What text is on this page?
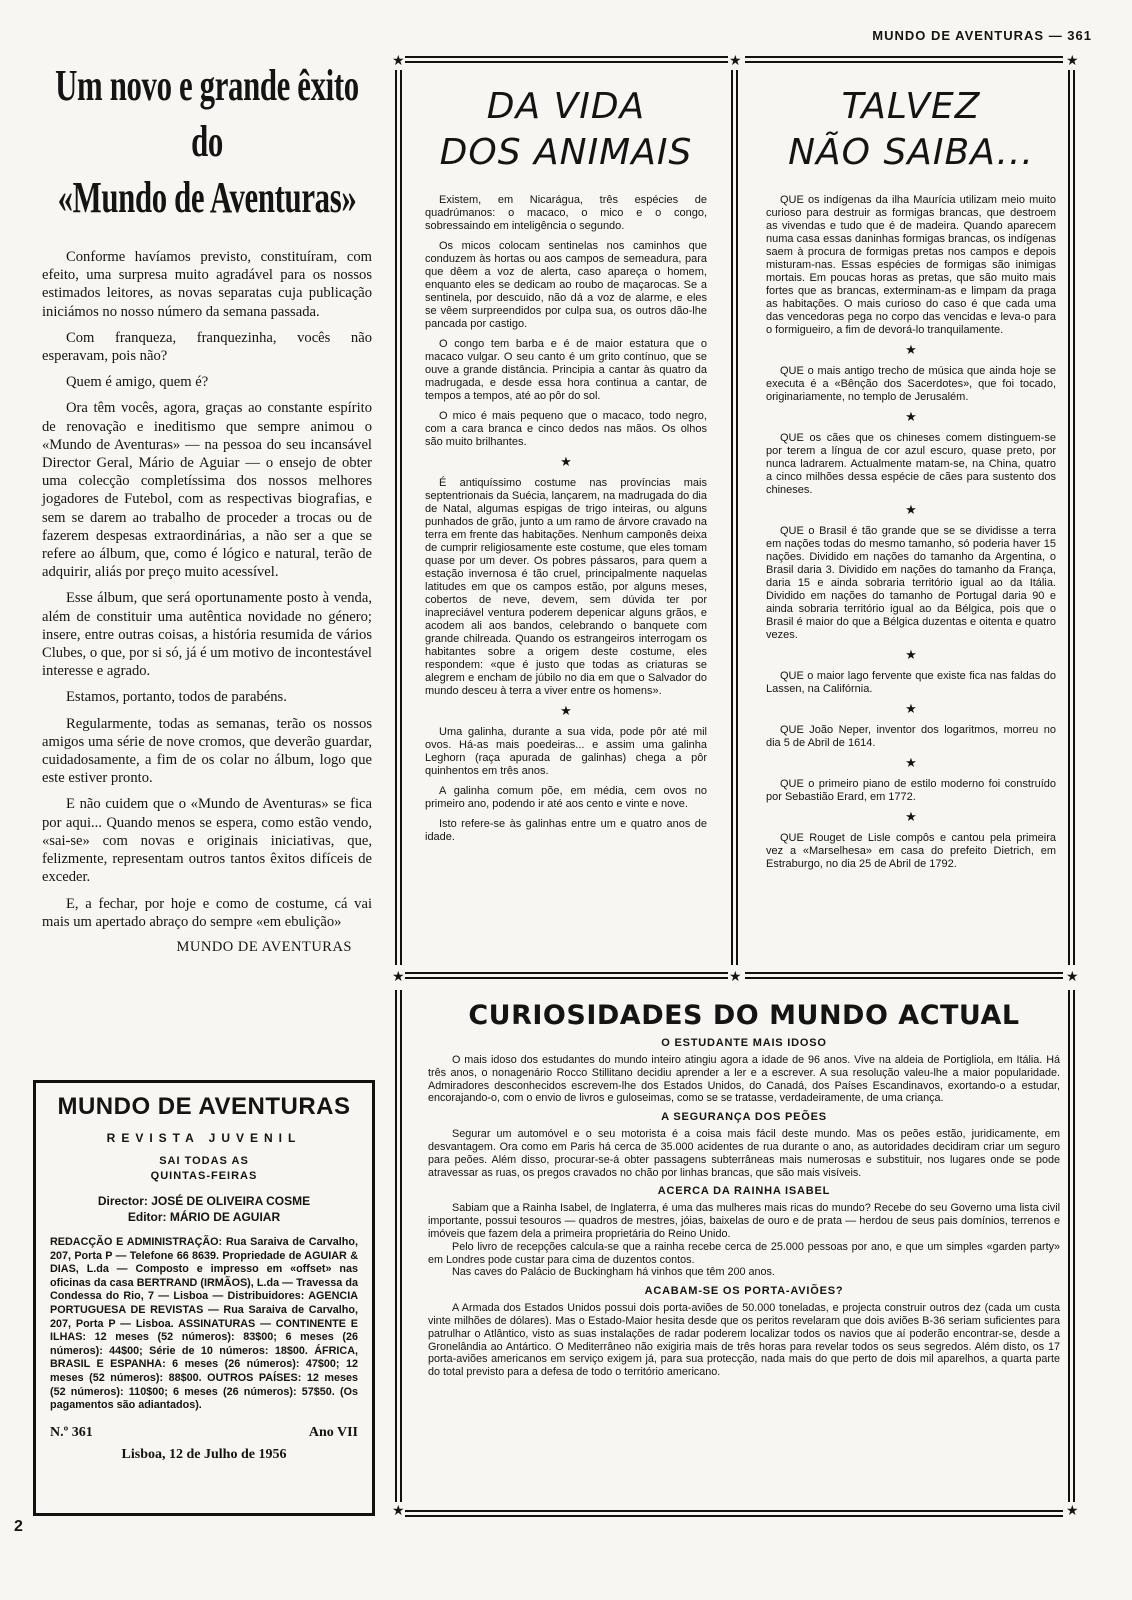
MUNDO DE AVENTURAS — 361
Um novo e grande êxito
do
«Mundo de Aventuras»

Conforme havíamos previsto, constituíram, com efeito, uma surpresa muito agradável para os nossos estimados leitores, as novas separatas cuja publicação iniciámos no nosso número da semana passada.

Com franqueza, franquezinha, vocês não esperavam, pois não?

Quem é amigo, quem é?

Ora têm vocês, agora, graças ao constante espírito de renovação e ineditismo que sempre animou o «Mundo de Aventuras» — na pessoa do seu incansável Director Geral, Mário de Aguiar — o ensejo de obter uma colecção completíssima dos nossos melhores jogadores de Futebol, com as respectivas biografias, e sem se darem ao trabalho de proceder a trocas ou de fazerem despesas extraordinárias, a não ser a que se refere ao álbum, que, como é lógico e natural, terão de adquirir, aliás por preço muito acessível.

Esse álbum, que será oportunamente posto à venda, além de constituir uma autêntica novidade no género; insere, entre outras coisas, a história resumida de vários Clubes, o que, por si só, já é um motivo de incontestável interesse e agrado.

Estamos, portanto, todos de parabéns.

Regularmente, todas as semanas, terão os nossos amigos uma série de nove cromos, que deverão guardar, cuidadosamente, a fim de os colar no álbum, logo que este estiver pronto.

E não cuidem que o «Mundo de Aventuras» se fica por aqui... Quando menos se espera, como estão vendo, «sai-se» com novas e originais iniciativas, que, felizmente, representam outros tantos êxitos difíceis de exceder.

E, a fechar, por hoje e como de costume, cá vai mais um apertado abraço do sempre «em ebulição»

MUNDO DE AVENTURAS
MUNDO DE AVENTURAS
REVISTA JUVENIL
SAI TODAS AS
QUINTAS-FEIRAS
Director: JOSÉ DE OLIVEIRA COSME
Editor: MÁRIO DE AGUIAR
REDACÇÃO E ADMINISTRAÇÃO: Rua Saraiva de Carvalho, 207, Porta P — Telefone 66 8639. Propriedade de AGUIAR & DIAS, L.da — Composto e impresso em «offset» nas oficinas da casa BERTRAND (IRMÃOS), L.da — Travessa da Condessa do Rio, 7 — Lisboa — Distribuidores: AGENCIA PORTUGUESA DE REVISTAS — Rua Saraiva de Carvalho, 207, Porta P — Lisboa. ASSINATURAS — CONTINENTE E ILHAS: 12 meses (52 números): 83$00; 6 meses (26 números): 44$00; Série de 10 números: 18$00. ÁFRICA, BRASIL E ESPANHA: 6 meses (26 números): 47$00; 12 meses (52 números): 88$00. OUTROS PAÍSES: 12 meses (52 números): 110$00; 6 meses (26 números): 57$50. (Os pagamentos são adiantados).
N.º 361	Ano VII
Lisboa, 12 de Julho de 1956
2
★	★	★
★	★	★
★	★
DA VIDA
DOS ANIMAIS

Existem, em Nicarágua, três espécies de quadrúmanos: o macaco, o mico e o congo, sobressaindo em inteligência o segundo.

Os micos colocam sentinelas nos caminhos que conduzem às hortas ou aos campos de semeadura, para que dêem a voz de alerta, caso apareça o homem, enquanto eles se dedicam ao roubo de maçarocas. Se a sentinela, por descuido, não dá a voz de alarme, e eles se vêem surpreendidos por culpa sua, os outros dão-lhe pancada por castigo.

O congo tem barba e é de maior estatura que o macaco vulgar. O seu canto é um grito contínuo, que se ouve a grande distância. Principia a cantar às quatro da madrugada, e desde essa hora continua a cantar, de tempos a tempos, até ao pôr do sol.

O mico é mais pequeno que o macaco, todo negro, com a cara branca e cinco dedos nas mãos. Os olhos são muito brilhantes.

★

É antiquíssimo costume nas províncias mais septentrionais da Suécia, lançarem, na madrugada do dia de Natal, algumas espigas de trigo inteiras, ou alguns punhados de grão, junto a um ramo de árvore cravado na terra em frente das habitações. Nenhum camponês deixa de cumprir religiosamente este costume, que eles tomam quase por um dever. Os pobres pássaros, para quem a estação invernosa é tão cruel, principalmente naquelas latitudes em que os campos estão, por alguns meses, cobertos de neve, devem, sem dúvida ter por inapreciável ventura poderem depenicar alguns grãos, e acodem ali aos bandos, celebrando o banquete com grande chilreada. Quando os estrangeiros interrogam os habitantes sobre a origem deste costume, eles respondem: «que é justo que todas as criaturas se alegrem e encham de júbilo no dia em que o Salvador do mundo desceu à terra a viver entre os homens».

★

Uma galinha, durante a sua vida, pode pôr até mil ovos. Há-as mais poedeiras... e assim uma galinha Leghorn (raça apurada de galinhas) chega a pôr quinhentos em três anos.

A galinha comum põe, em média, cem ovos no primeiro ano, podendo ir até aos cento e vinte e nove.

Isto refere-se às galinhas entre um e quatro anos de idade.

TALVEZ
NÃO SAIBA...

QUE os indígenas da ilha Maurícia utilizam meio muito curioso para destruir as formigas brancas, que destroem as vivendas e tudo que é de madeira. Quando aparecem numa casa essas daninhas formigas brancas, os indígenas saem à procura de formigas pretas nos campos e depois misturam-nas. Essas espécies de formigas são inimigas mortais. Em poucas horas as pretas, que são muito mais fortes que as brancas, exterminam-as e limpam da praga as habitações. O mais curioso do caso é que cada uma das vencedoras pega no corpo das vencidas e leva-o para o formigueiro, a fim de devorá-lo tranquilamente.

★

QUE o mais antigo trecho de música que ainda hoje se executa é a «Bênção dos Sacerdotes», que foi tocado, originariamente, no templo de Jerusalém.

★

QUE os cães que os chineses comem distinguem-se por terem a língua de cor azul escuro, quase preto, por nunca ladrarem. Actualmente matam-se, na China, quatro a cinco milhões dessa espécie de cães para sustento dos chineses.

★

QUE o Brasil é tão grande que se se dividisse a terra em nações todas do mesmo tamanho, só poderia haver 15 nações. Dividido em nações do tamanho da Argentina, o Brasil daria 3. Dividido em nações do tamanho da França, daria 15 e ainda sobraria território igual ao da Itália. Dividido em nações do tamanho de Portugal daria 90 e ainda sobraria território igual ao da Bélgica, pois que o Brasil é maior do que a Bélgica duzentas e oitenta e quatro vezes.

★

QUE o maior lago fervente que existe fica nas faldas do Lassen, na Califórnia.

★

QUE João Neper, inventor dos logaritmos, morreu no dia 5 de Abril de 1614.

★

QUE o primeiro piano de estilo moderno foi construído por Sebastião Erard, em 1772.

★

QUE Rouget de Lisle compôs e cantou pela primeira vez a «Marselhesa» em casa do prefeito Dietrich, em Estraburgo, no dia 25 de Abril de 1792.

CURIOSIDADES DO MUNDO ACTUAL
O ESTUDANTE MAIS IDOSO

O mais idoso dos estudantes do mundo inteiro atingiu agora a idade de 96 anos. Vive na aldeia de Portigliola, em Itália. Há três anos, o nonagenário Rocco Stillitano decidiu aprender a ler e a escrever. A sua resolução valeu-lhe a maior popularidade. Admiradores desconhecidos escrevem-lhe dos Estados Unidos, do Canadá, dos Países Escandinavos, exortando-o a estudar, encorajando-o, com o envio de livros e guloseimas, como se se tratasse, verdadeiramente, de uma criança.

A SEGURANÇA DOS PEÕES

Segurar um automóvel e o seu motorista é a coisa mais fácil deste mundo. Mas os peões estão, juridicamente, em desvantagem. Ora como em Paris há cerca de 35.000 acidentes de rua durante o ano, as autoridades decidiram criar um seguro para peões. Além disso, procurar-se-á obter passagens subterrâneas mais numerosas e substituir, nos lugares onde se pode atravessar as ruas, os pregos cravados no chão por linhas brancas, que são mais visíveis.

ACERCA DA RAINHA ISABEL

Sabiam que a Rainha Isabel, de Inglaterra, é uma das mulheres mais ricas do mundo? Recebe do seu Governo uma lista civil importante, possui tesouros — quadros de mestres, jóias, baixelas de ouro e de prata — herdou de seus pais domínios, terrenos e imóveis que fazem dela a primeira proprietária do Reino Unido.

Pelo livro de recepções calcula-se que a rainha recebe cerca de 25.000 pessoas por ano, e que um simples «garden party» em Londres pode custar para cima de duzentos contos.

Nas caves do Palácio de Buckingham há vinhos que têm 200 anos.

ACABAM-SE OS PORTA-AVIÕES?

A Armada dos Estados Unidos possui dois porta-aviões de 50.000 toneladas, e projecta construir outros dez (cada um custa vinte milhões de dólares). Mas o Estado-Maior hesita desde que os peritos revelaram que dois aviões B-36 seriam suficientes para patrulhar o Atlântico, visto as suas instalações de radar poderem localizar todos os navios que aí poderão encontrar-se, desde a Gronelândia ao Antártico. O Mediterrâneo não exigiria mais de três horas para revelar todos os seus segredos. Além disto, os 17 porta-aviões americanos em serviço exigem já, para sua protecção, nada mais do que perto de dois mil aparelhos, a quarta parte do total previsto para a defesa de todo o território americano.
